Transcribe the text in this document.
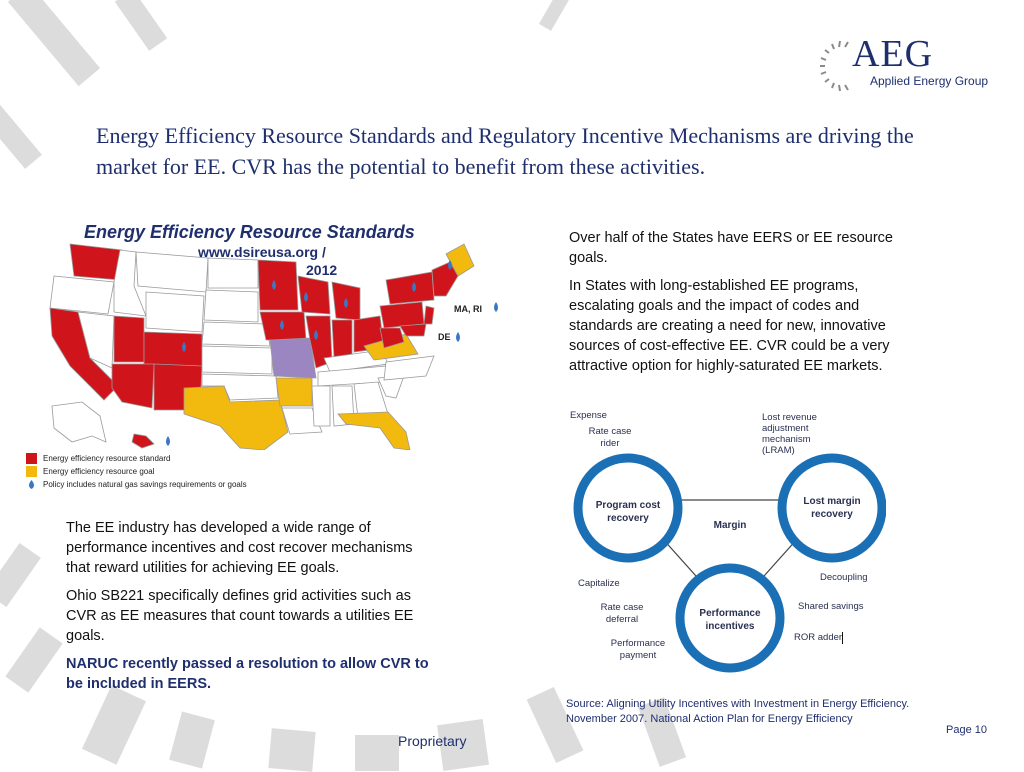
AEG
Applied Energy Group
Energy Efficiency Resource Standards and Regulatory Incentive Mechanisms are driving the market for EE. CVR has the potential to benefit from these activities.
MA, RI
DE
Energy Efficiency Resource Standards
www.dsireusa.org /
2012
Energy efficiency resource standard
Energy efficiency resource goal
Policy includes natural gas savings requirements or goals

Over half of the States have EERS or EE resource goals.

In States with long-established EE programs, escalating goals and the impact of codes and standards are creating a need for new, innovative sources of cost-effective EE. CVR could be a very attractive option for highly-saturated EE markets.

The EE industry has developed a wide range of performance incentives and cost recover mechanisms that reward utilities for achieving EE goals.

Ohio SB221 specifically defines grid activities such as CVR as EE measures that count towards a utilities EE goals.

NARUC recently passed a resolution to allow CVR to be included in EERS.

Program cost recovery
Lost margin recovery
Performance incentives
Margin
Expense
Rate case rider
Lost revenue adjustment mechanism (LRAM)
Capitalize
Rate case deferral
Performance payment
Decoupling
Shared savings
ROR adder
Source: Aligning Utility Incentives with Investment in Energy Efficiency.
November 2007. National Action Plan for Energy Efficiency
Page 10
Proprietary
